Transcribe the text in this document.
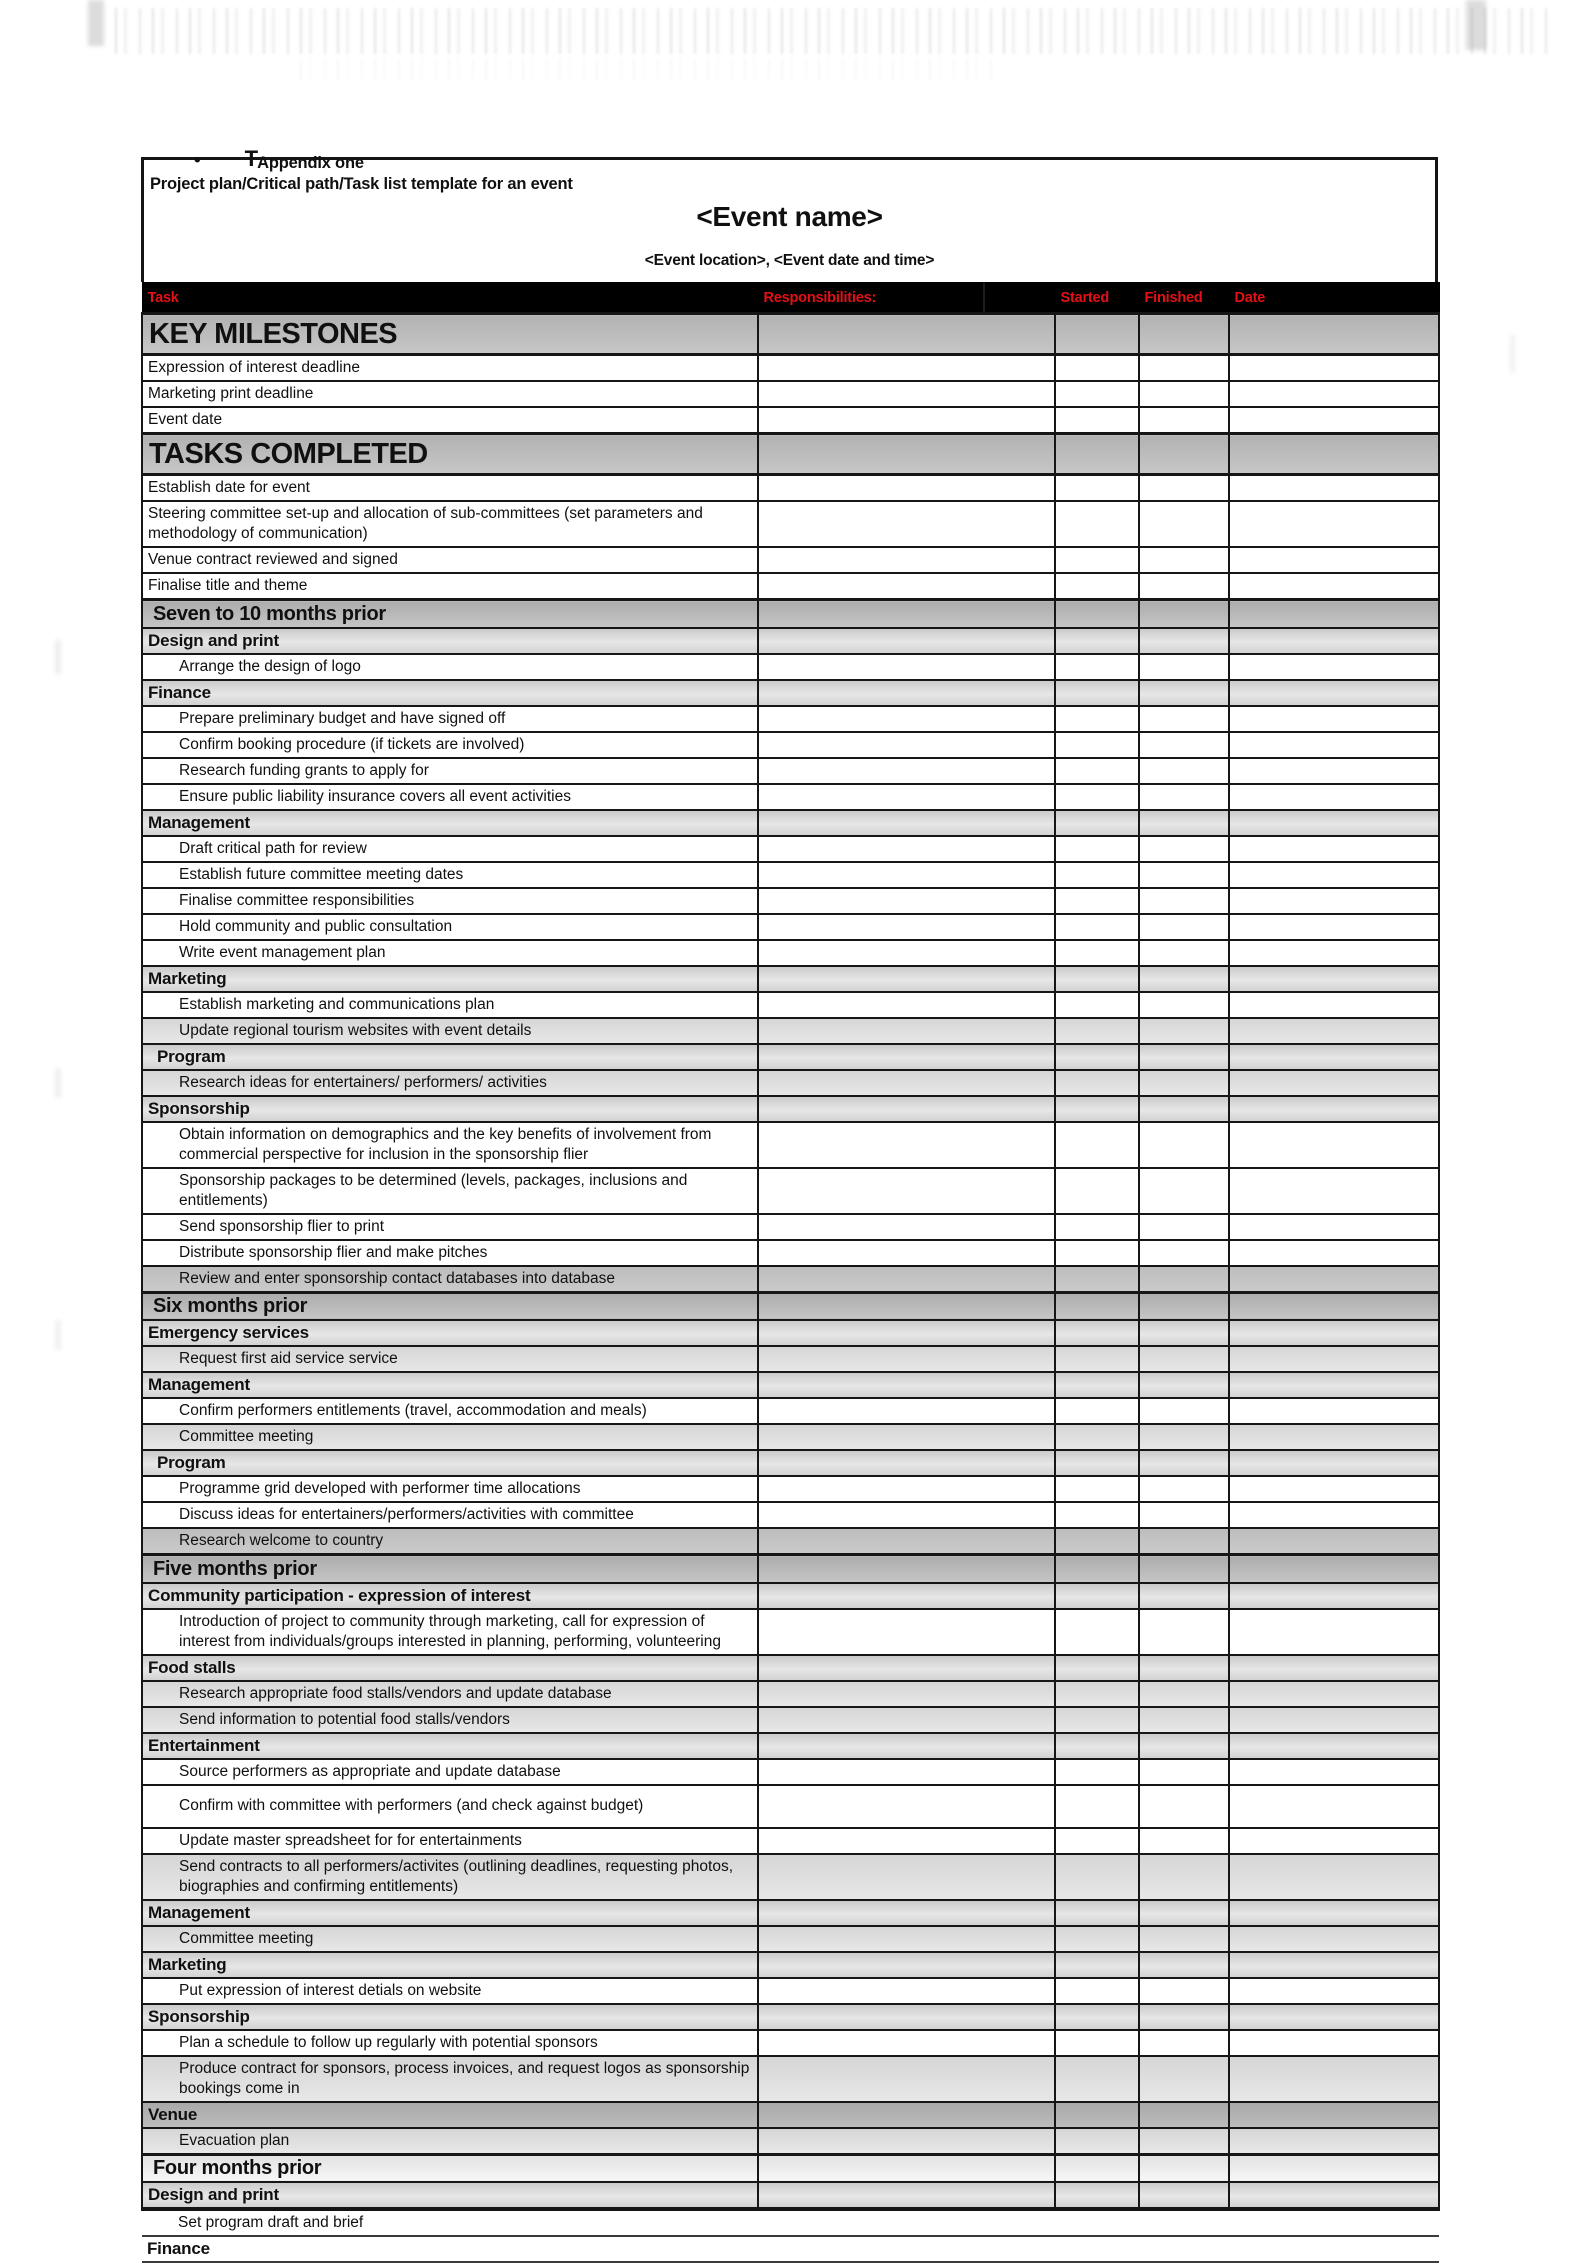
• TAppendix one
Project plan/Critical path/Task list template for an event
<Event name>
<Event location>, <Event date and time>
Task	Responsibilities:	Started	Finished	Date
KEY MILESTONES				
Expression of interest deadline				
Marketing print deadline				
Event date				
TASKS COMPLETED				
Establish date for event				
Steering committee set-up and allocation of sub-committees (set parameters and methodology of communication)				
Venue contract reviewed and signed				
Finalise title and theme				
Seven to 10 months prior				
Design and print				
Arrange the design of logo				
Finance				
Prepare preliminary budget and have signed off				
Confirm booking procedure (if tickets are involved)				
Research funding grants to apply for				
Ensure public liability insurance covers all event activities				
Management				
Draft critical path for review				
Establish future committee meeting dates				
Finalise committee responsibilities				
Hold community and public consultation				
Write event management plan				
Marketing				
Establish marketing and communications plan				
Update regional tourism websites with event details				
Program				
Research ideas for entertainers/ performers/ activities				
Sponsorship				
Obtain information on demographics and the key benefits of involvement from commercial perspective for inclusion in the sponsorship flier				
Sponsorship packages to be determined (levels, packages, inclusions and entitlements)				
Send sponsorship flier to print				
Distribute sponsorship flier and make pitches				
Review and enter sponsorship contact databases into database				
Six months prior				
Emergency services				
Request first aid service service				
Management				
Confirm performers entitlements (travel, accommodation and meals)				
Committee meeting				
Program				
Programme grid developed with performer time allocations				
Discuss ideas for entertainers/performers/activities with committee				
Research welcome to country				
Five months prior				
Community participation - expression of interest				
Introduction of project to community through marketing, call for expression of interest from individuals/groups interested in planning, performing, volunteering				
Food stalls				
Research appropriate food stalls/vendors and update database				
Send information to potential food stalls/vendors				
Entertainment				
Source performers as appropriate and update database				
Confirm with committee with performers (and check against budget)				
Update master spreadsheet for for entertainments				
Send contracts to all performers/activites (outlining deadlines, requesting photos, biographies and confirming entitlements)				
Management				
Committee meeting				
Marketing				
Put expression of interest detials on website				
Sponsorship				
Plan a schedule to follow up regularly with potential sponsors				
Produce contract for sponsors, process invoices, and request logos as sponsorship bookings come in				
Venue				
Evacuation plan				
Four months prior				
Design and print				
Set program draft and brief				
Finance				
